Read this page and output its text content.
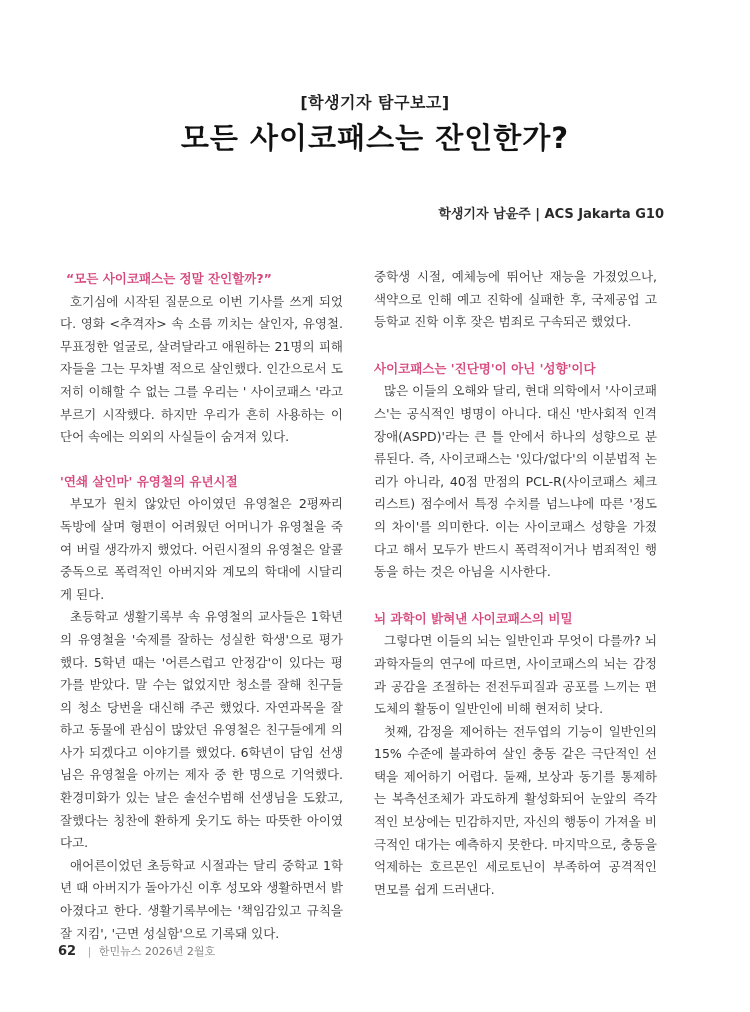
[학생기자 탐구보고]
모든 사이코패스는 잔인한가?
학생기자 남윤주 | ACS Jakarta G10
“모든 사이코패스는 정말 잔인할까?”

호기심에 시작된 질문으로 이번 기사를 쓰게 되었다. 영화 <추격자> 속 소름 끼치는 살인자, 유영철. 무표정한 얼굴로, 살려달라고 애원하는 21명의 피해자들을 그는 무차별 적으로 살인했다. 인간으로서 도저히 이해할 수 없는 그를 우리는 ' 사이코패스 '라고 부르기 시작했다. 하지만 우리가 흔히 사용하는 이 단어 속에는 의외의 사실들이 숨겨져 있다.

'연쇄 살인마' 유영철의 유년시절

부모가 원치 않았던 아이였던 유영철은 2평짜리 독방에 살며 형편이 어려웠던 어머니가 유영철을 죽여 버릴 생각까지 했었다. 어린시절의 유영철은 알콜중독으로 폭력적인 아버지와 계모의 학대에 시달리게 된다.

초등학교 생활기록부 속 유영철의 교사들은 1학년의 유영철을 '숙제를 잘하는 성실한 학생'으로 평가했다. 5학년 때는 '어른스럽고 안정감'이 있다는 평가를 받았다. 말 수는 없었지만 청소를 잘해 친구들의 청소 당번을 대신해 주곤 했었다. 자연과목을 잘하고 동물에 관심이 많았던 유영철은 친구들에게 의사가 되겠다고 이야기를 했었다. 6학년이 담임 선생님은 유영철을 아끼는 제자 중 한 명으로 기억했다. 환경미화가 있는 날은 솔선수범해 선생님을 도왔고, 잘했다는 칭찬에 환하게 웃기도 하는 따뜻한 아이였다고.

애어른이었던 초등학교 시절과는 달리 중학교 1학년 때 아버지가 돌아가신 이후 성모와 생활하면서 밝아졌다고 한다. 생활기록부에는 '책임감있고 규칙을 잘 지킴', '근면 성실함'으로 기록돼 있다.

중학생 시절, 예체능에 뛰어난 재능을 가졌었으나, 색약으로 인해 예고 진학에 실패한 후, 국제공업 고등학교 진학 이후 잦은 범죄로 구속되곤 했었다.

사이코패스는 '진단명'이 아닌 '성향'이다

많은 이들의 오해와 달리, 현대 의학에서 '사이코패스'는 공식적인 병명이 아니다. 대신 '반사회적 인격장애(ASPD)'라는 큰 틀 안에서 하나의 성향으로 분류된다. 즉, 사이코패스는 '있다/없다'의 이분법적 논리가 아니라, 40점 만점의 PCL-R(사이코패스 체크리스트) 점수에서 특정 수치를 넘느냐에 따른 '정도의 차이'를 의미한다. 이는 사이코패스 성향을 가졌다고 해서 모두가 반드시 폭력적이거나 범죄적인 행동을 하는 것은 아님을 시사한다.

뇌 과학이 밝혀낸 사이코패스의 비밀

그렇다면 이들의 뇌는 일반인과 무엇이 다를까? 뇌 과학자들의 연구에 따르면, 사이코패스의 뇌는 감정과 공감을 조절하는 전전두피질과 공포를 느끼는 편도체의 활동이 일반인에 비해 현저히 낮다.

첫째, 감정을 제어하는 전두엽의 기능이 일반인의 15% 수준에 불과하여 살인 충동 같은 극단적인 선택을 제어하기 어렵다. 둘째, 보상과 동기를 통제하는 복측선조체가 과도하게 활성화되어 눈앞의 즉각적인 보상에는 민감하지만, 자신의 행동이 가져올 비극적인 대가는 예측하지 못한다. 마지막으로, 충동을 억제하는 호르몬인 세로토닌이 부족하여 공격적인 면모를 쉽게 드러낸다.

62 | 한민뉴스 2026년 2월호
